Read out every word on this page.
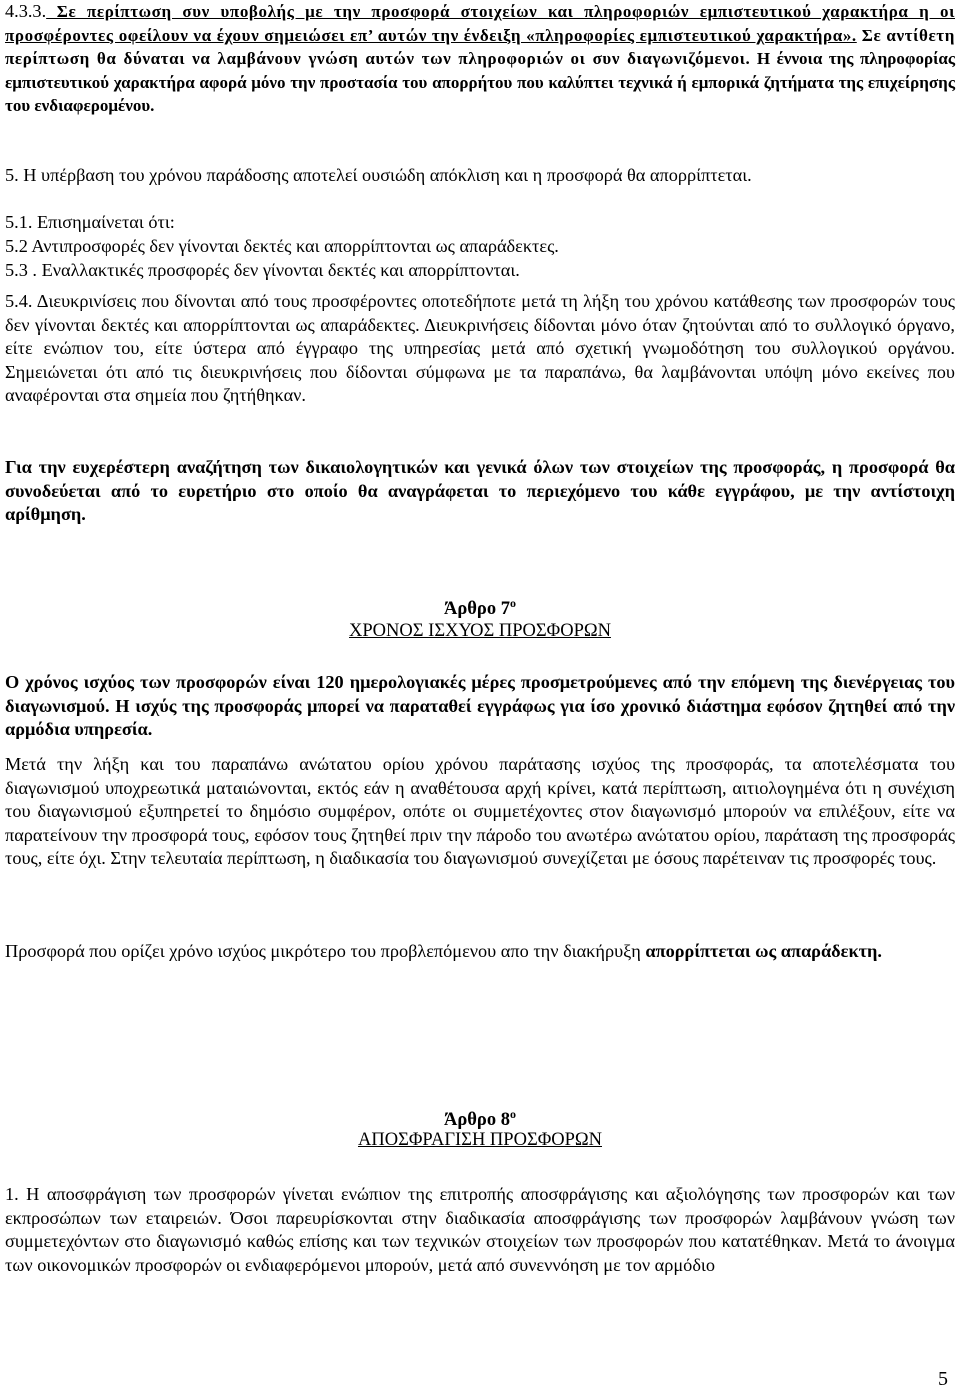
4.3.3. Σε περίπτωση συν υποβολής με την προσφορά στοιχείων και πληροφοριών εμπιστευτικού χαρακτήρα η οι προσφέροντες οφείλουν να έχουν σημειώσει επ’ αυτών την ένδειξη «πληροφορίες εμπιστευτικού χαρακτήρα». Σε αντίθετη περίπτωση θα δύναται να λαμβάνουν γνώση αυτών των πληροφοριών οι συν διαγωνιζόμενοι. Η έννοια της πληροφορίας εμπιστευτικού χαρακτήρα αφορά μόνο την προστασία του απορρήτου που καλύπτει τεχνικά ή εμπορικά ζητήματα της επιχείρησης του ενδιαφερομένου.

5. Η υπέρβαση του χρόνου παράδοσης αποτελεί ουσιώδη απόκλιση και η προσφορά θα απορρίπτεται.

5.1. Επισημαίνεται ότι:

5.2 Αντιπροσφορές δεν γίνονται δεκτές και απορρίπτονται ως απαράδεκτες.

5.3 . Εναλλακτικές προσφορές δεν γίνονται δεκτές και απορρίπτονται.

5.4. Διευκρινίσεις που δίνονται από τους προσφέροντες οποτεδήποτε μετά τη λήξη του χρόνου κατάθεσης των προσφορών τους δεν γίνονται δεκτές και απορρίπτονται ως απαράδεκτες. Διευκρινήσεις δίδονται μόνο όταν ζητούνται από το συλλογικό όργανο, είτε ενώπιον του, είτε ύστερα από έγγραφο της υπηρεσίας μετά από σχετική γνωμοδότηση του συλλογικού οργάνου. Σημειώνεται ότι από τις διευκρινήσεις που δίδονται σύμφωνα με τα παραπάνω, θα λαμβάνονται υπόψη μόνο εκείνες που αναφέρονται στα σημεία που ζητήθηκαν.

Για την ευχερέστερη αναζήτηση των δικαιολογητικών και γενικά όλων των στοιχείων της προσφοράς, η προσφορά θα συνοδεύεται από το ευρετήριο στο οποίο θα αναγράφεται το περιεχόμενο του κάθε εγγράφου, με την αντίστοιχη αρίθμηση.

Άρθρο $7^o$

ΧΡΟΝΟΣ ΙΣΧΥΟΣ ΠΡΟΣΦΟΡΩΝ

Ο χρόνος ισχύος των προσφορών είναι 120 ημερολογιακές μέρες προσμετρούμενες από την επόμενη της διενέργειας του διαγωνισμού. Η ισχύς της προσφοράς μπορεί να παραταθεί εγγράφως για ίσο χρονικό διάστημα εφόσον ζητηθεί από την αρμόδια υπηρεσία.

Μετά την λήξη και του παραπάνω ανώτατου ορίου χρόνου παράτασης ισχύος της προσφοράς, τα αποτελέσματα του διαγωνισμού υποχρεωτικά ματαιώνονται, εκτός εάν η αναθέτουσα αρχή κρίνει, κατά περίπτωση, αιτιολογημένα ότι η συνέχιση του διαγωνισμού εξυπηρετεί το δημόσιο συμφέρον, οπότε οι συμμετέχοντες στον διαγωνισμό μπορούν να επιλέξουν, είτε να παρατείνουν την προσφορά τους, εφόσον τους ζητηθεί πριν την πάροδο του ανωτέρω ανώτατου ορίου, παράταση της προσφοράς τους, είτε όχι. Στην τελευταία περίπτωση, η διαδικασία του διαγωνισμού συνεχίζεται με όσους παρέτειναν τις προσφορές τους.

Προσφορά που ορίζει χρόνο ισχύος μικρότερο του προβλεπόμενου απο την διακήρυξη απορρίπτεται ως απαράδεκτη.

Άρθρο $8^o$

ΑΠΟΣΦΡΑΓΙΣΗ ΠΡΟΣΦΟΡΩΝ

1. Η αποσφράγιση των προσφορών γίνεται ενώπιον της επιτροπής αποσφράγισης και αξιολόγησης των προσφορών και των εκπροσώπων των εταιρειών. Όσοι παρευρίσκονται στην διαδικασία αποσφράγισης των προσφορών λαμβάνουν γνώση των συμμετεχόντων στο διαγωνισμό καθώς επίσης και των τεχνικών στοιχείων των προσφορών που κατατέθηκαν. Μετά το άνοιγμα των οικονομικών προσφορών οι ενδιαφερόμενοι μπορούν, μετά από συνεννόηση με τον αρμόδιο

5
